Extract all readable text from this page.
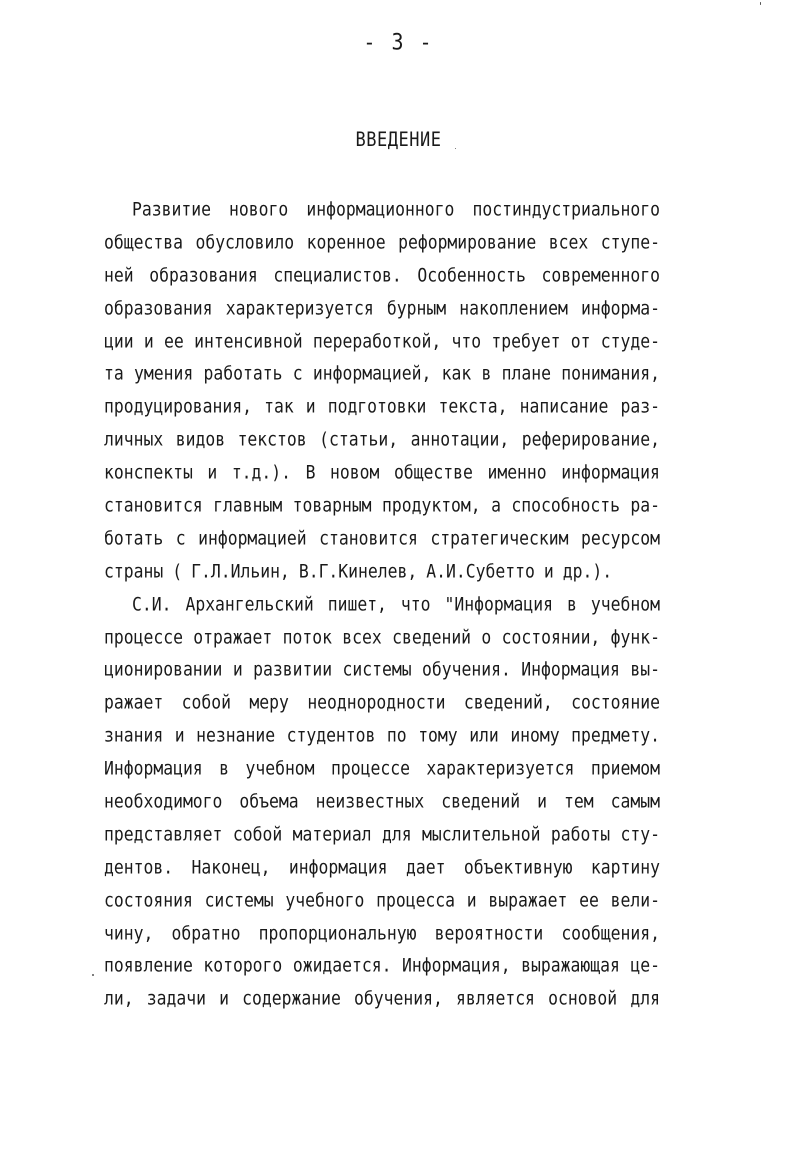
- 3 -
ВВЕДЕНИЕ
Развитие нового информационного постиндустриального
общества обусловило коренное реформирование всех ступе-
ней образования специалистов. Особенность современного
образования характеризуется бурным накоплением информа-
ции и ее интенсивной переработкой, что требует от студе-
та умения работать с информацией, как в плане понимания,
продуцирования, так и подготовки текста, написание раз-
личных видов текстов (статьи, аннотации, реферирование,
конспекты и т.д.). В новом обществе именно информация
становится главным товарным продуктом, а способность ра-
ботать с информацией становится стратегическим ресурсом
страны ( Г.Л.Ильин, В.Г.Кинелев, А.И.Субетто и др.).
С.И. Архангельский пишет, что "Информация в учебном
процессе отражает поток всех сведений о состоянии, функ-
ционировании и развитии системы обучения. Информация вы-
ражает собой меру неоднородности сведений, состояние
знания и незнание студентов по тому или иному предмету.
Информация в учебном процессе характеризуется приемом
необходимого объема неизвестных сведений и тем самым
представляет собой материал для мыслительной работы сту-
дентов. Наконец, информация дает объективную картину
состояния системы учебного процесса и выражает ее вели-
чину, обратно пропорциональную вероятности сообщения,
появление которого ожидается. Информация, выражающая це-
ли, задачи и содержание обучения, является основой для
